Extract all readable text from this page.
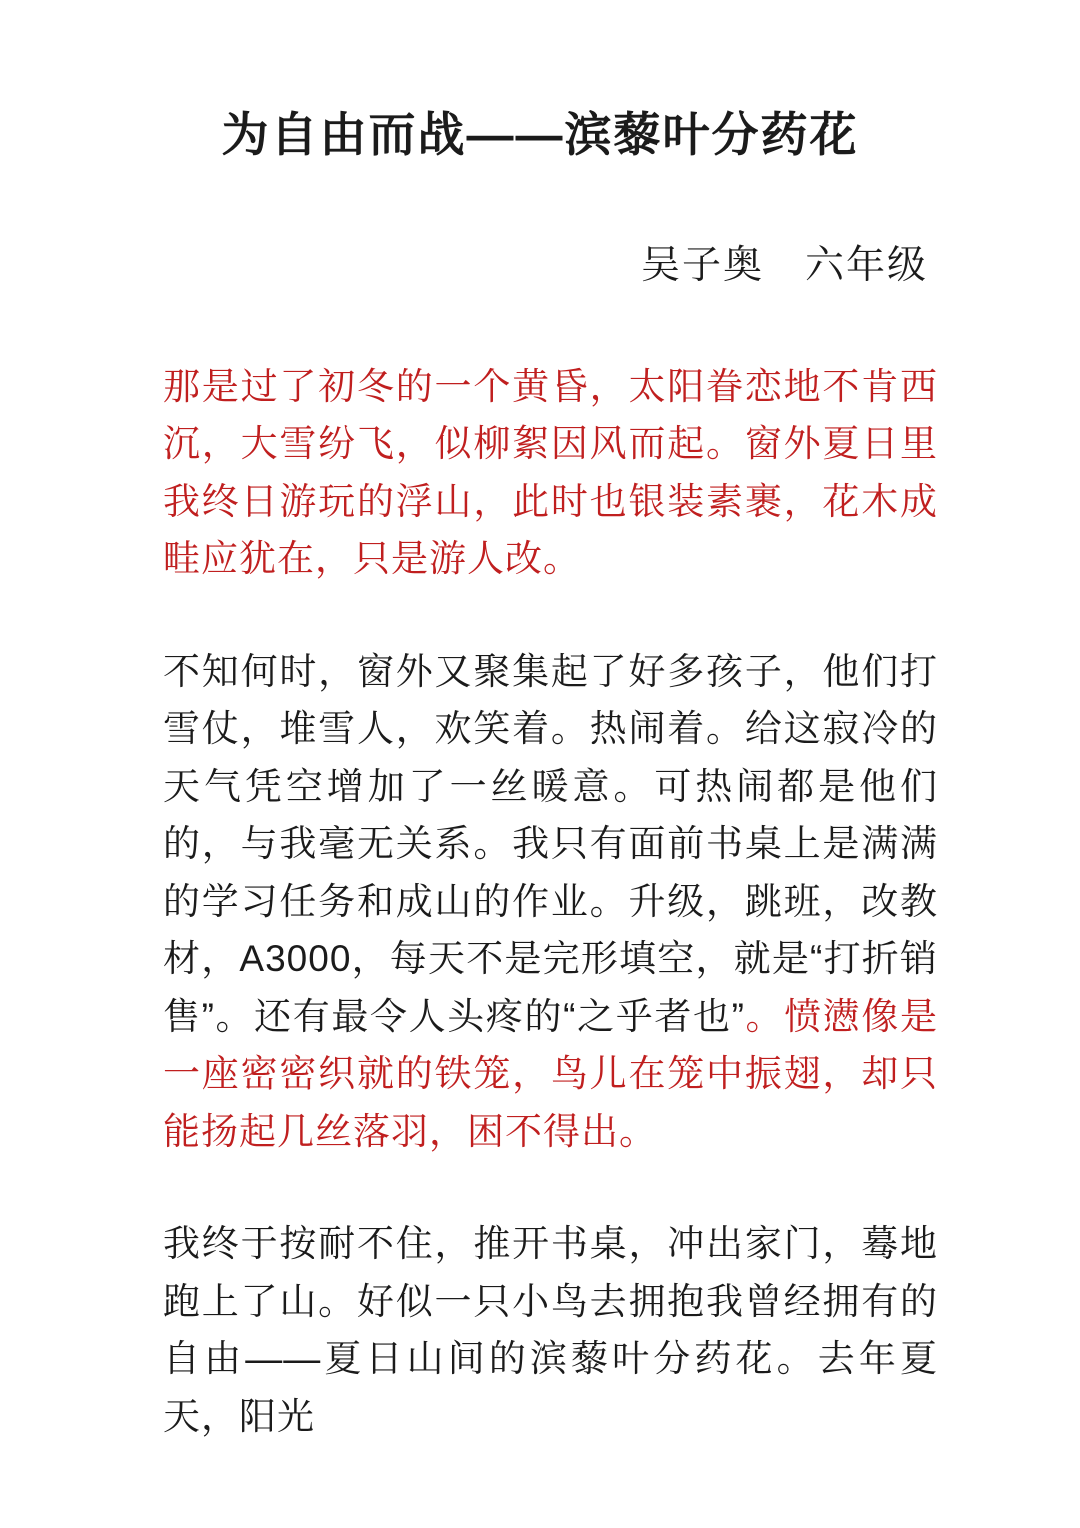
为自由而战——滨藜叶分药花
吴子奥　六年级

那是过了初冬的一个黄昏，太阳眷恋地不肯西沉，大雪纷飞，似柳絮因风而起。窗外夏日里我终日游玩的浮山，此时也银装素裹，花木成畦应犹在，只是游人改。

不知何时，窗外又聚集起了好多孩子，他们打雪仗，堆雪人，欢笑着。热闹着。给这寂冷的天气凭空增加了一丝暖意。可热闹都是他们的，与我毫无关系。我只有面前书桌上是满满的学习任务和成山的作业。升级，跳班，改教材，A3000，每天不是完形填空，就是“打折销售”。还有最令人头疼的“之乎者也”。愤懑像是一座密密织就的铁笼，鸟儿在笼中振翅，却只能扬起几丝落羽，困不得出。

我终于按耐不住，推开书桌，冲出家门，蓦地跑上了山。好似一只小鸟去拥抱我曾经拥有的自由——夏日山间的滨藜叶分药花。去年夏天，阳光
